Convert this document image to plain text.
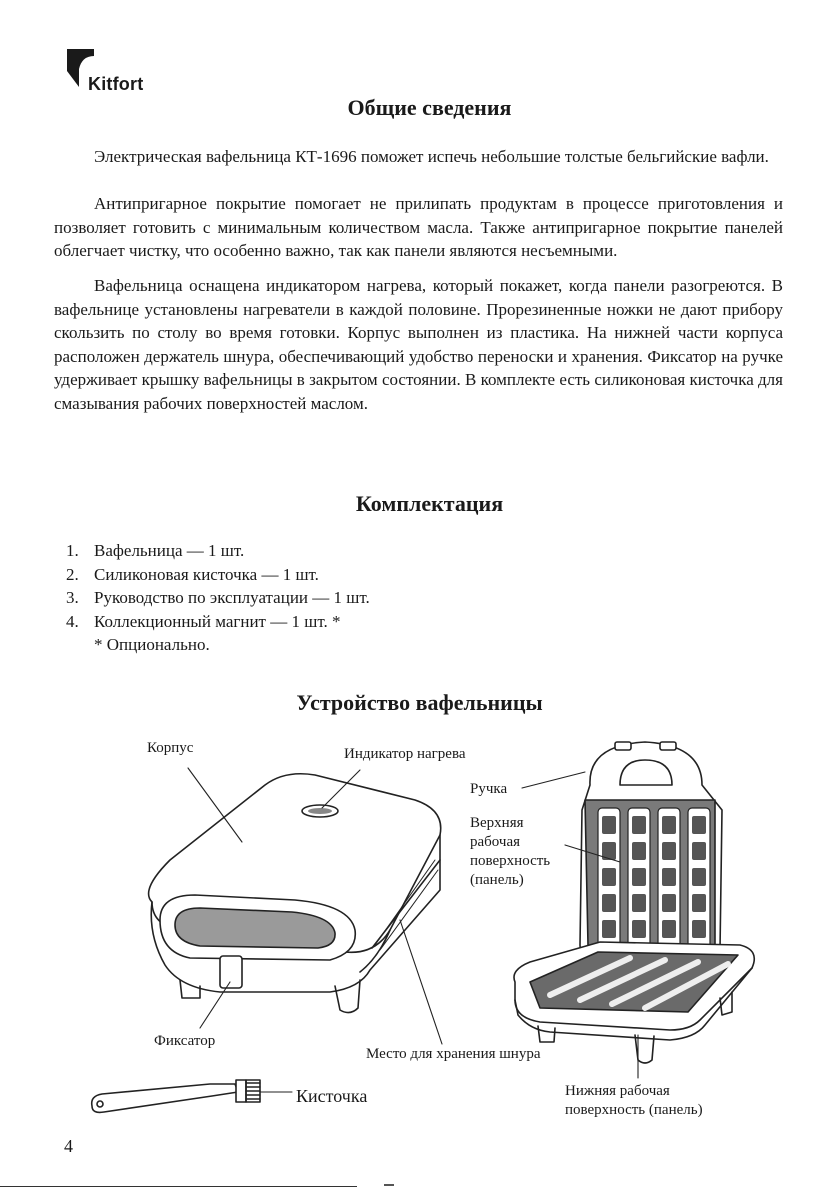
Kitfort
Общие сведения

Электрическая вафельница КТ-1696 поможет испечь небольшие толстые бельгийские вафли.

Антипригарное покрытие помогает не прилипать продуктам в процессе приготовления и позволяет готовить с минимальным количеством масла. Также антипригарное покрытие панелей облегчает чистку, что особенно важно, так как панели являются несъемными.

Вафельница оснащена индикатором нагрева, который покажет, когда панели разогреются. В вафельнице установлены нагреватели в каждой половине. Прорезиненные ножки не дают прибору скользить по столу во время готовки. Корпус выполнен из пластика. На нижней части корпуса расположен держатель шнура, обеспечивающий удобство переноски и хранения. Фиксатор на ручке удерживает крышку вафельницы в закрытом состоянии. В комплекте есть силиконовая кисточка для смазывания рабочих поверхностей маслом.

Комплектация
1. Вафельница — 1 шт.
2. Силиконовая кисточка — 1 шт.
3. Руководство по эксплуатации — 1 шт.
4. Коллекционный магнит — 1 шт. *
* Опционально.
Устройство вафельницы
Корпус	Индикатор нагрева
Ручка
Верхняя
рабочая
поверхность
(панель)
Фиксатор
Место для хранения шнура
Нижняя рабочая
поверхность (панель)
Кисточка
4
